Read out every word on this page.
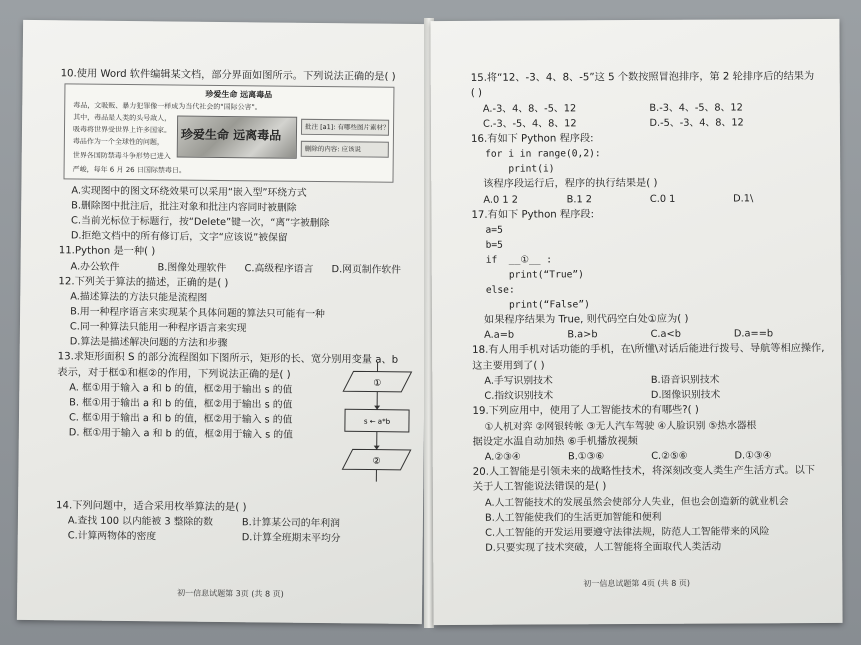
10.使用 Word 软件编辑某文档，部分界面如图所示。下列说法正确的是( )
珍爱生命 远离毒品
毒品，文吸贩、暴力犯罪像一样成为当代社会的"国际公害"。
其中，毒品是人类的头号敌人，
吸毒将世界受世界上许多国家。
毒品作为一个全球性的问题，
世界各国防禁毒斗争形势已进入
严峻，每年 6 月 26 日国际禁毒日。
珍爱生命 远离毒品
批注 [a1]: 有哪些图片素材？
删除的内容: 应该说
A.实现图中的图文环绕效果可以采用“嵌入型”环绕方式
B.删除图中批注后，批注对象和批注内容同时被删除
C.当前光标位于标题行，按“Delete”键一次，“离”字被删除
D.拒绝文档中的所有修订后，文字“应该说”被保留
11.Python 是一种( )
A.办公软件	B.图像处理软件	C.高级程序语言	D.网页制作软件
12.下列关于算法的描述，正确的是( )
A.描述算法的方法只能是流程图
B.用一种程序语言来实现某个具体问题的算法只可能有一种
C.同一种算法只能用一种程序语言来实现
D.算法是描述解决问题的方法和步骤
13.求矩形面积 S 的部分流程图如下图所示，矩形的长、宽分别用变量 a、b
表示，对于框①和框②的作用，下列说法正确的是( )
A. 框①用于输入 a 和 b 的值，框②用于输出 s 的值
B. 框①用于输出 a 和 b 的值，框②用于输出 s 的值
C. 框①用于输出 a 和 b 的值，框②用于输入 s 的值
D. 框①用于输入 a 和 b 的值，框②用于输入 s 的值
①
s ← a*b
②
14.下列问题中，适合采用枚举算法的是( )
A.查找 100 以内能被 3 整除的数	B.计算某公司的年利润
C.计算两物体的密度	D.计算全班期末平均分
初一信息试题第 3页 (共 8 页)
15.将“12、-3、4、8、-5”这 5 个数按照冒泡排序，第 2 轮排序后的结果为
( )
A.-3、4、8、-5、12	B.-3、4、-5、8、12
C.-3、-5、4、8、12	D.-5、-3、4、8、12
16.有如下 Python 程序段:
for i in range(0,2):
print(i)
该程序段运行后，程序的执行结果是( )
A.0 1 2	B.1 2	C.0 1	D.1\
17.有如下 Python 程序段:
a=5
b=5
if  __①__ :
print(“True”)
else:
print(“False”)
如果程序结果为 True, 则代码空白处①应为( )
A.a=b	B.a>b	C.a<b	D.a==b
18.有人用手机对话功能的手机，在\所懂\对话后能进行拨号、导航等相应操作,
这主要用到了( )
A.手写识别技术	B.语音识别技术
C.指纹识别技术	D.图像识别技术
19.下列应用中，使用了人工智能技术的有哪些?( )
①人机对弈 ②网银转帐 ③无人汽车驾驶 ④人脸识别 ⑤热水器根
据设定水温自动加热 ⑥手机播放视频
A.②③④	B.①③⑥	C.②⑤⑥	D.①③④
20.人工智能是引领未来的战略性技术，将深刻改变人类生产生活方式。以下
关于人工智能说法错误的是( )
A.人工智能技术的发展虽然会使部分人失业，但也会创造新的就业机会
B.人工智能使我们的生活更加智能和便利
C.人工智能的开发运用要遵守法律法规，防范人工智能带来的风险
D.只要实现了技术突破，人工智能将全面取代人类活动
初一信息试题第 4页 (共 8 页)
